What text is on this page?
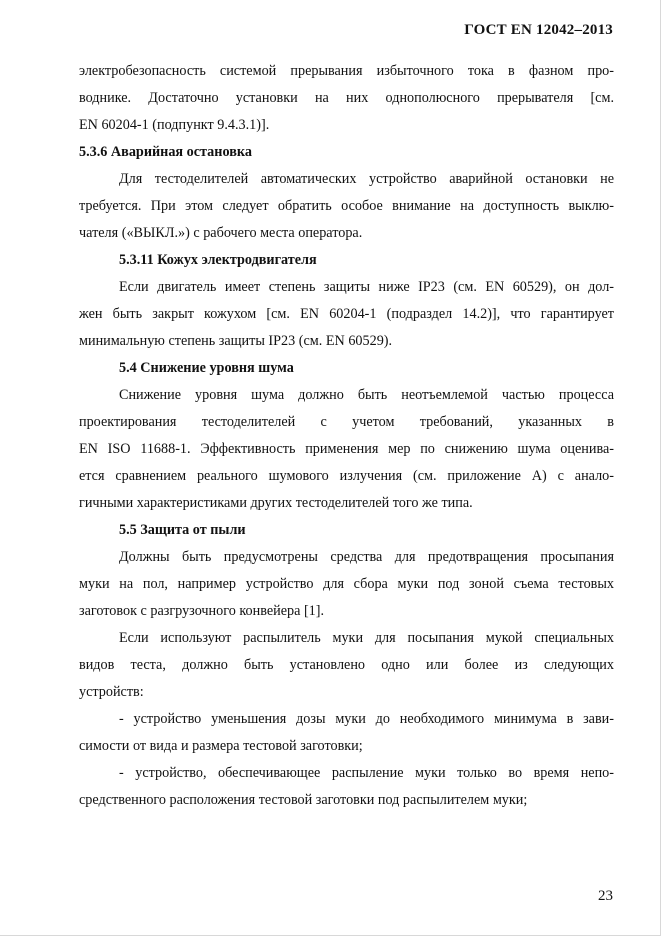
ГОСТ EN 12042–2013

электробезопасность системой прерывания избыточного тока в фазном про-
воднике. Достаточно установки на них однополюсного прерывателя [см.
EN 60204-1 (подпункт 9.4.3.1)].

5.3.6 Аварийная остановка

Для тестоделителей автоматических устройство аварийной остановки не
требуется. При этом следует обратить особое внимание на доступность выклю-
чателя («ВЫКЛ.») с рабочего места оператора.

5.3.11 Кожух электродвигателя

Если двигатель имеет степень защиты ниже IP23 (см. EN 60529), он дол-
жен быть закрыт кожухом [см. EN 60204-1 (подраздел 14.2)], что гарантирует
минимальную степень защиты IP23 (см. EN 60529).

5.4 Снижение уровня шума

Снижение уровня шума должно быть неотъемлемой частью процесса
проектирования тестоделителей с учетом требований, указанных в
EN ISO 11688-1. Эффективность применения мер по снижению шума оценива-
ется сравнением реального шумового излучения (см. приложение А) с анало-
гичными характеристиками других тестоделителей того же типа.

5.5 Защита от пыли

Должны быть предусмотрены средства для предотвращения просыпания
муки на пол, например устройство для сбора муки под зоной съема тестовых
заготовок с разгрузочного конвейера [1].

Если используют распылитель муки для посыпания мукой специальных
видов теста, должно быть установлено одно или более из следующих
устройств:

- устройство уменьшения дозы муки до необходимого минимума в зави-
симости от вида и размера тестовой заготовки;

- устройство, обеспечивающее распыление муки только во время непо-
средственного расположения тестовой заготовки под распылителем муки;

23
